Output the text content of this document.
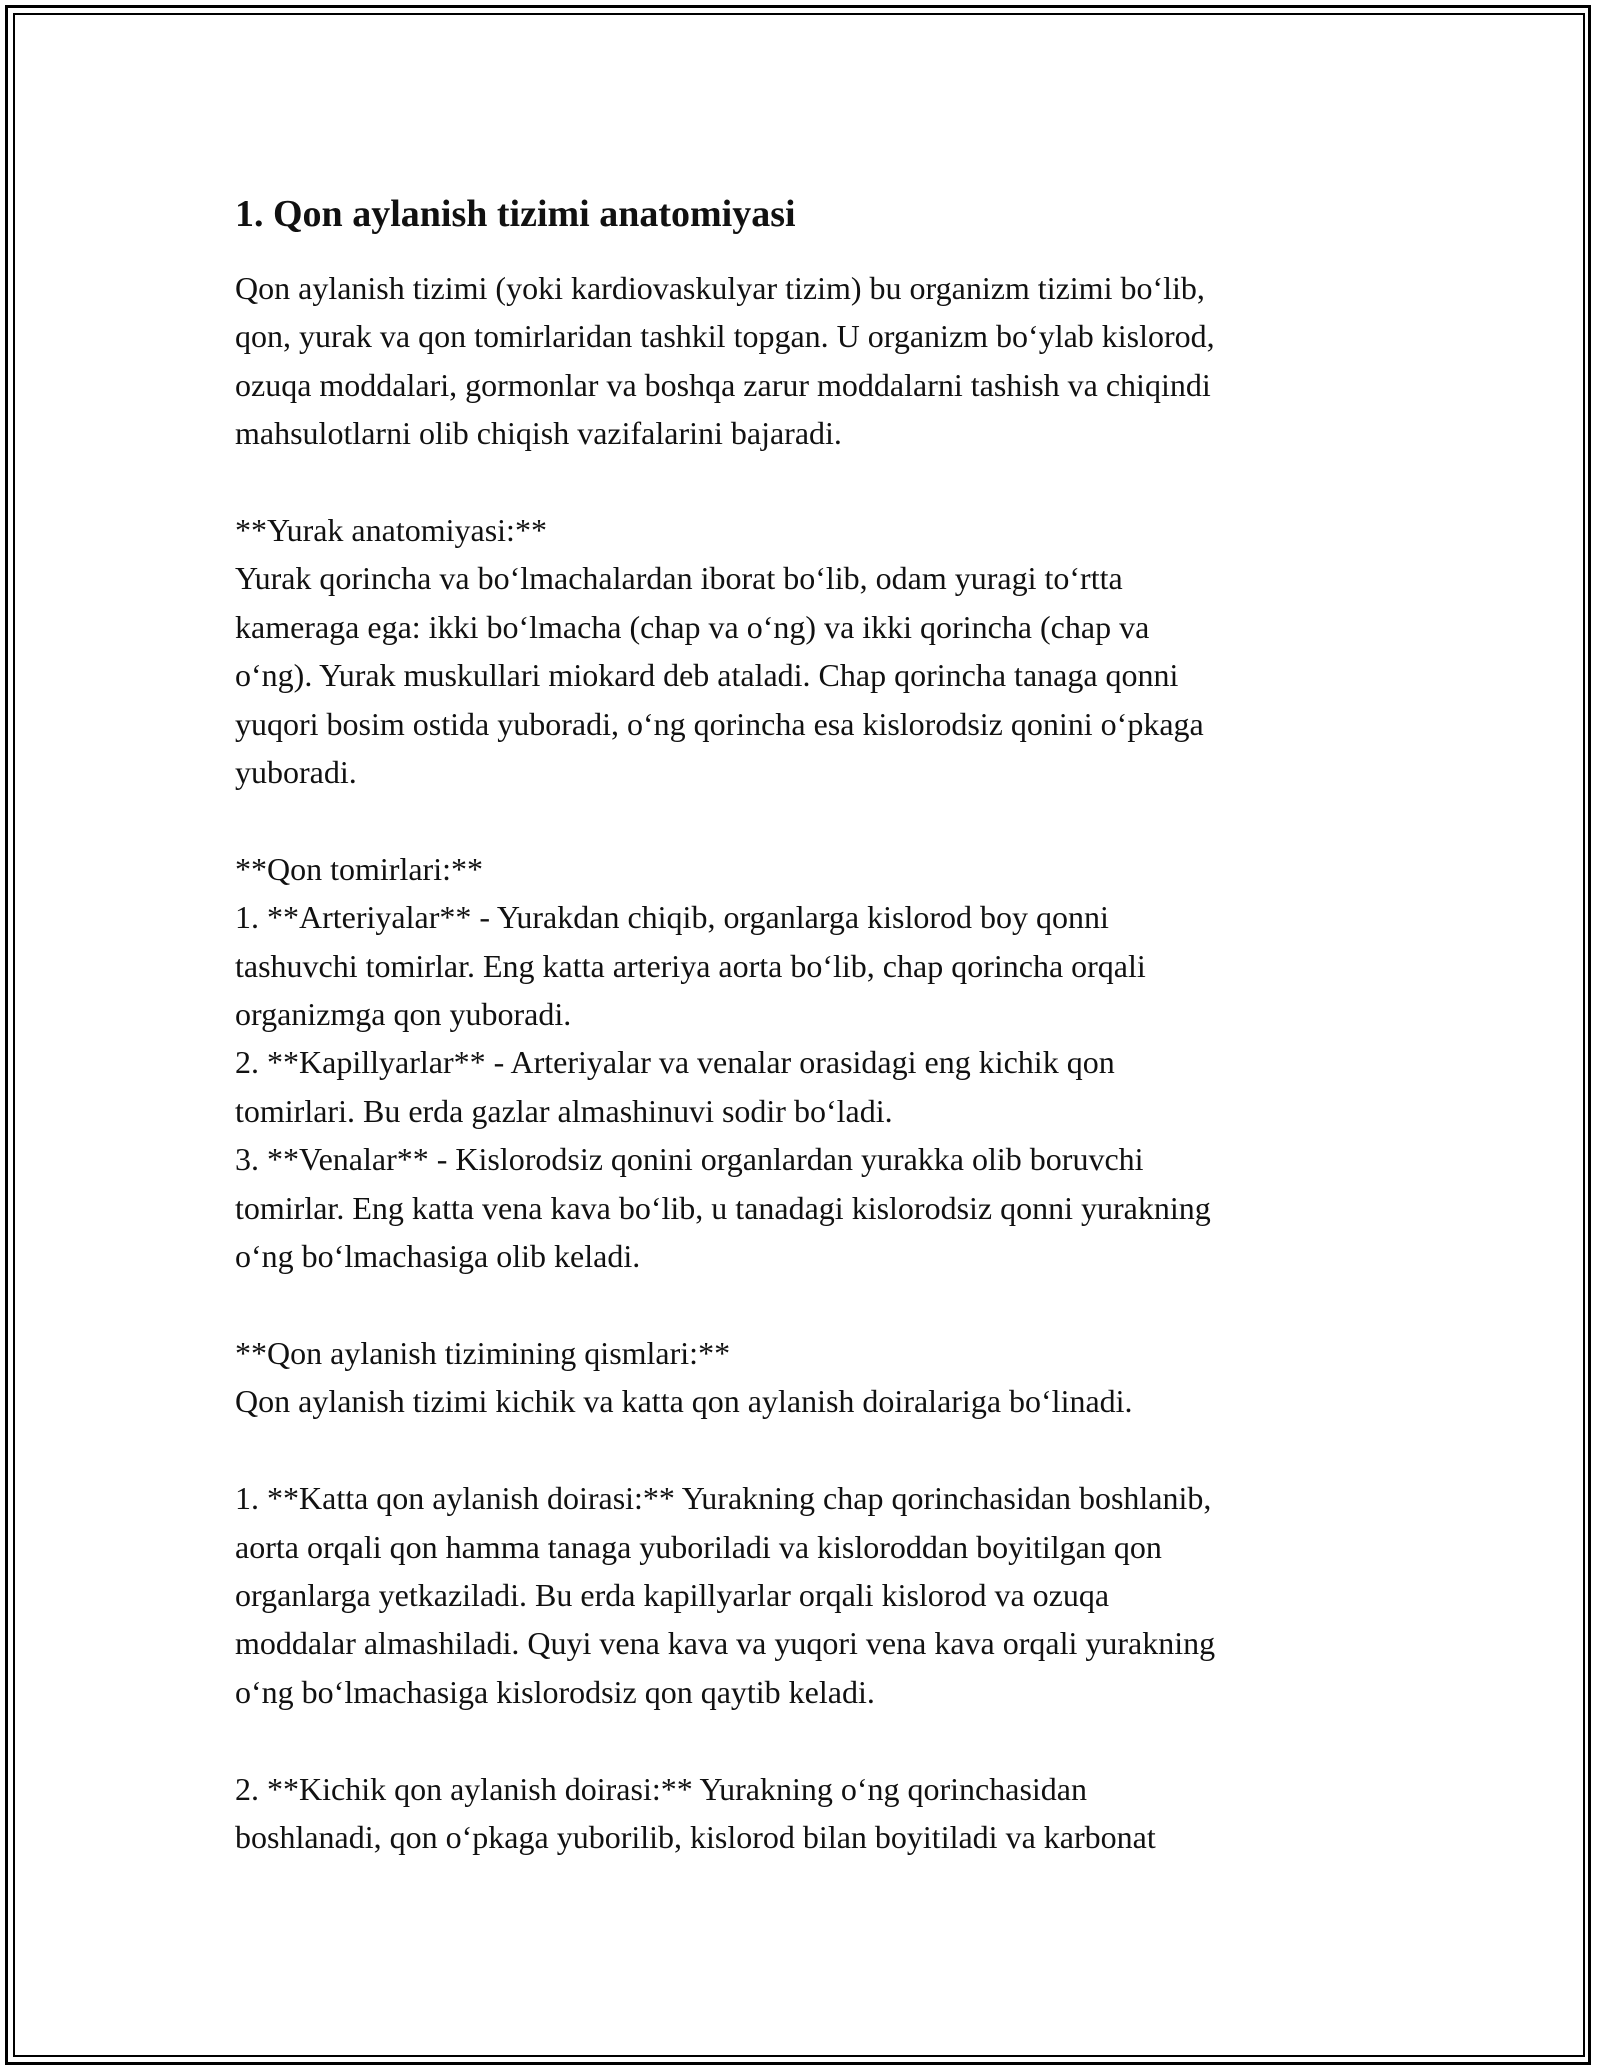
1. Qon aylanish tizimi anatomiyasi
Qon aylanish tizimi (yoki kardiovaskulyar tizim) bu organizm tizimi bo‘lib,
qon, yurak va qon tomirlaridan tashkil topgan. U organizm bo‘ylab kislorod,
ozuqa moddalari, gormonlar va boshqa zarur moddalarni tashish va chiqindi
mahsulotlarni olib chiqish vazifalarini bajaradi.
**Yurak anatomiyasi:**
Yurak qorincha va bo‘lmachalardan iborat bo‘lib, odam yuragi to‘rtta
kameraga ega: ikki bo‘lmacha (chap va o‘ng) va ikki qorincha (chap va
o‘ng). Yurak muskullari miokard deb ataladi. Chap qorincha tanaga qonni
yuqori bosim ostida yuboradi, o‘ng qorincha esa kislorodsiz qonini o‘pkaga
yuboradi.
**Qon tomirlari:**
1. **Arteriyalar** - Yurakdan chiqib, organlarga kislorod boy qonni
tashuvchi tomirlar. Eng katta arteriya aorta bo‘lib, chap qorincha orqali
organizmga qon yuboradi.
2. **Kapillyarlar** - Arteriyalar va venalar orasidagi eng kichik qon
tomirlari. Bu erda gazlar almashinuvi sodir bo‘ladi.
3. **Venalar** - Kislorodsiz qonini organlardan yurakka olib boruvchi
tomirlar. Eng katta vena kava bo‘lib, u tanadagi kislorodsiz qonni yurakning
o‘ng bo‘lmachasiga olib keladi.
**Qon aylanish tizimining qismlari:**
Qon aylanish tizimi kichik va katta qon aylanish doiralariga bo‘linadi.
1. **Katta qon aylanish doirasi:** Yurakning chap qorinchasidan boshlanib,
aorta orqali qon hamma tanaga yuboriladi va kisloroddan boyitilgan qon
organlarga yetkaziladi. Bu erda kapillyarlar orqali kislorod va ozuqa
moddalar almashiladi. Quyi vena kava va yuqori vena kava orqali yurakning
o‘ng bo‘lmachasiga kislorodsiz qon qaytib keladi.
2. **Kichik qon aylanish doirasi:** Yurakning o‘ng qorinchasidan
boshlanadi, qon o‘pkaga yuborilib, kislorod bilan boyitiladi va karbonat
